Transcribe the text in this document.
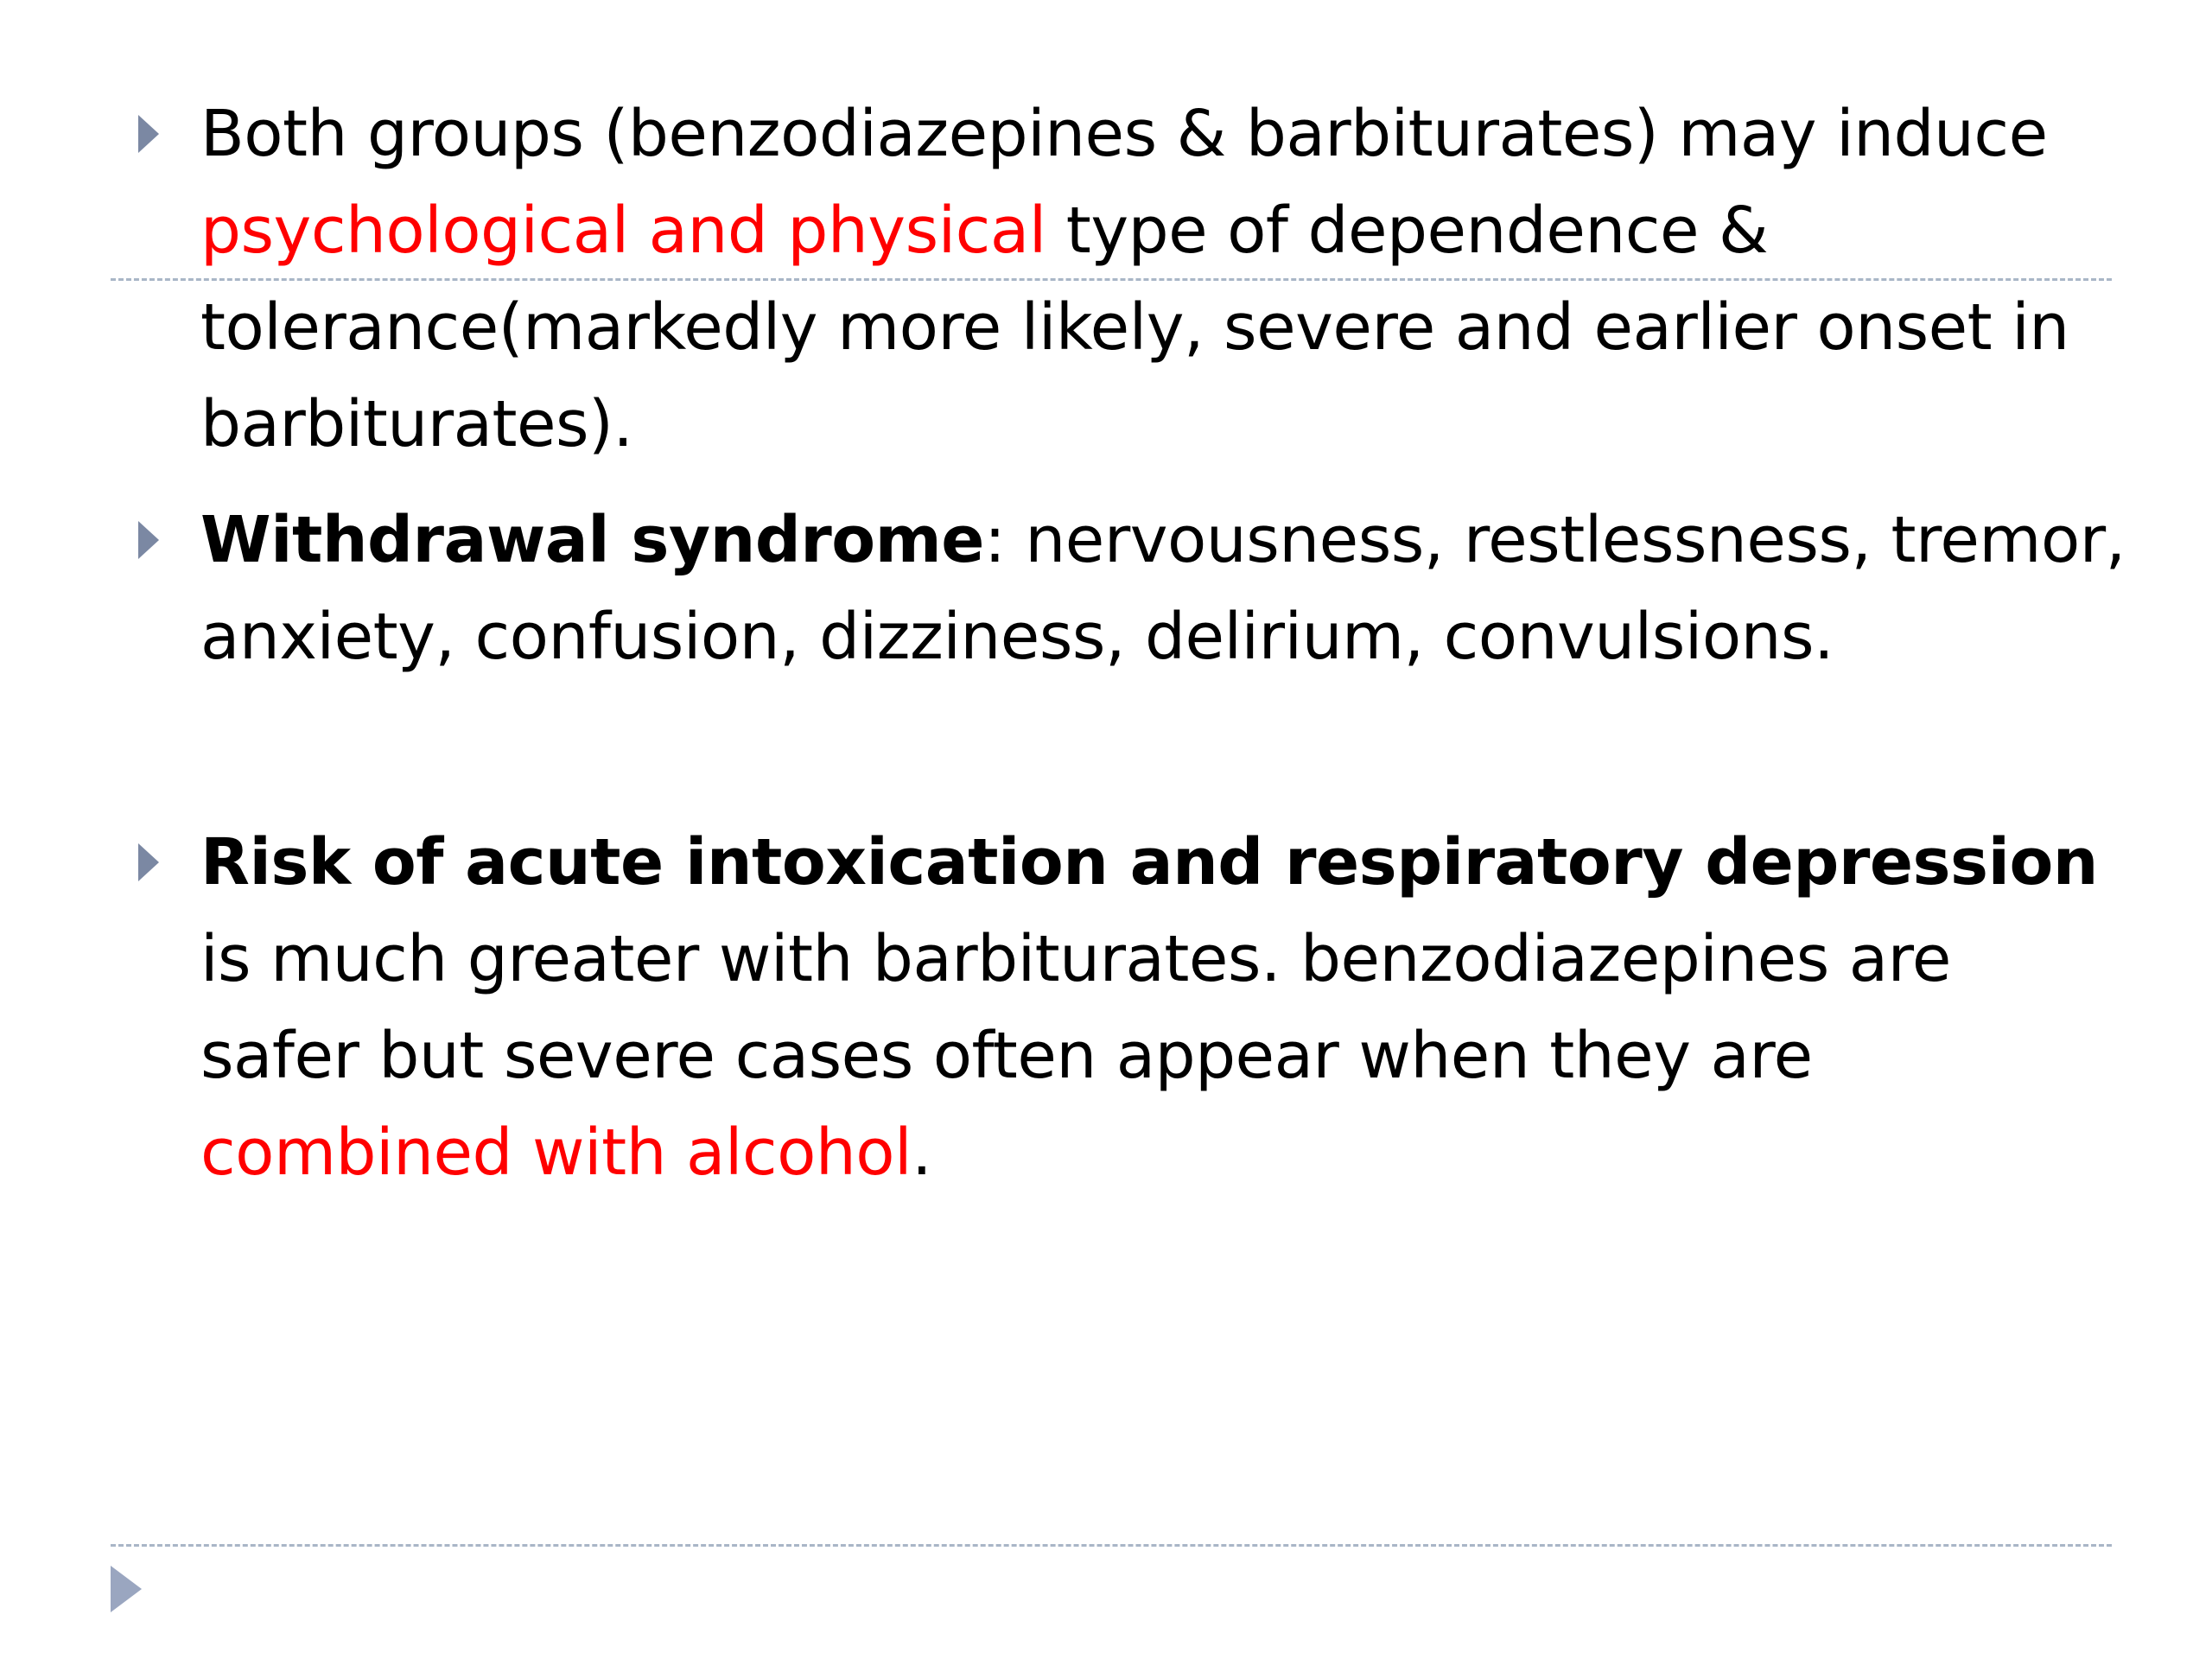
Both groups (benzodiazepines & barbiturates) may induce psychological and physical type of dependence & tolerance(markedly more likely, severe and earlier onset in barbiturates).
Withdrawal syndrome: nervousness, restlessness, tremor, anxiety, confusion, dizziness, delirium, convulsions.
Risk of acute intoxication and respiratory depression is much greater with barbiturates. benzodiazepines are safer but severe cases often appear when they are combined with alcohol.
